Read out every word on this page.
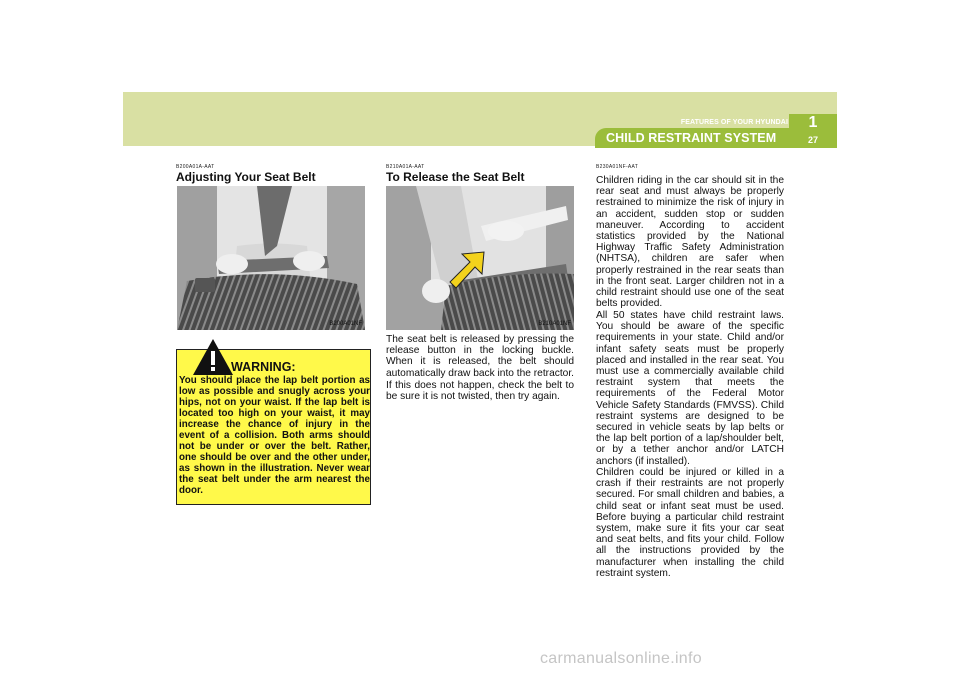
CHILD RESTRAINT SYSTEM
1
27
FEATURES OF YOUR HYUNDAI
B200A01A-AAT
Adjusting Your Seat Belt
B200A01NF
WARNING:
You should place the lap belt portion as low as possible and snugly across your hips, not on your waist. If the lap belt is located too high on your waist, it may increase the chance of injury in the event of a collision. Both arms should not be under or over the belt. Rather, one should be over and the other under, as shown in the illustration. Never wear the seat belt under the arm nearest the door.
B210A01A-AAT
To Release the Seat Belt
B210A01NF
The seat belt is released by pressing the release button in the locking buckle. When it is released, the belt should automatically draw back into the retractor.
If this does not happen, check the belt to be sure it is not twisted, then try again.
B230A01NF-AAT
Children riding in the car should sit in the rear seat and must always be properly restrained to minimize the risk of injury in an accident, sudden stop or sudden maneuver. According to accident statistics provided by the National Highway Traffic Safety Administration (NHTSA), children are safer when properly restrained in the rear seats than in the front seat. Larger children not in a child restraint should use one of the seat belts provided.
All 50 states have child restraint laws. You should be aware of the specific requirements in your state. Child and/or infant safety seats must be properly placed and installed in the rear seat. You must use a commercially available child restraint system that meets the requirements of the Federal Motor Vehicle Safety Standards (FMVSS). Child restraint systems are designed to be secured in vehicle seats by lap belts or the lap belt portion of a lap/shoulder belt, or by a tether anchor and/or LATCH anchors (if installed).
Children could be injured or killed in a crash if their restraints are not properly secured. For small children and babies, a child seat or infant seat must be used. Before buying a particular child restraint system, make sure it fits your car seat and seat belts, and fits your child. Follow all the instructions provided by the manufacturer when installing the child restraint system.
carmanualsonline.info
